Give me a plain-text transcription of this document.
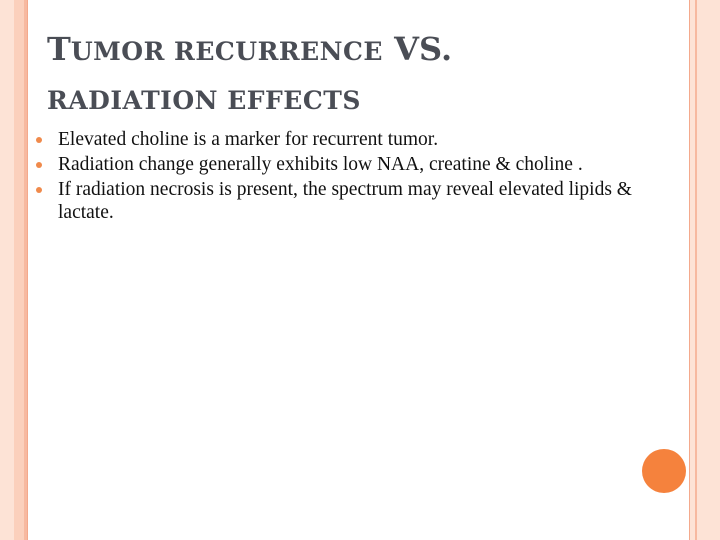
TUMOR RECURRENCE VS.
RADIATION EFFECTS
Elevated choline is a marker for recurrent tumor.
Radiation change generally exhibits low NAA, creatine & choline .
If radiation necrosis is present, the spectrum may reveal elevated lipids & lactate.
